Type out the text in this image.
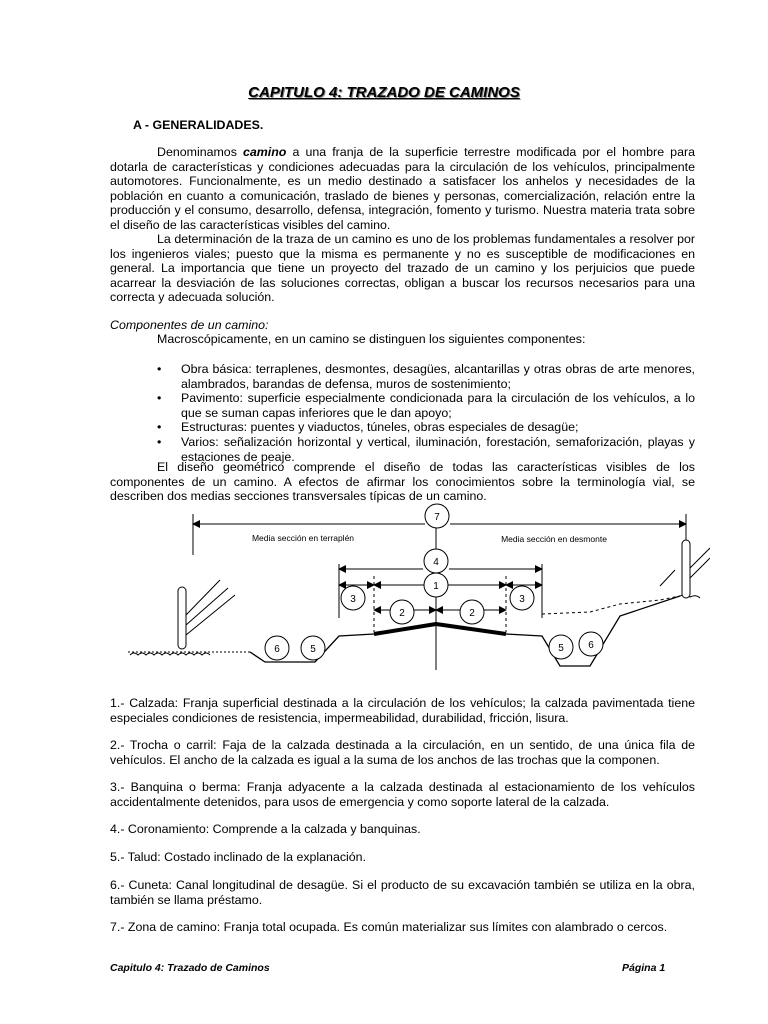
CAPITULO 4: TRAZADO DE CAMINOS
A - GENERALIDADES.
Denominamos camino a una franja de la superficie terrestre modificada por el hombre para dotarla de características y condiciones adecuadas para la circulación de los vehículos, principalmente automotores. Funcionalmente, es un medio destinado a satisfacer los anhelos y necesidades de la población en cuanto a comunicación, traslado de bienes y personas, comercialización, relación entre la producción y el consumo, desarrollo, defensa, integración, fomento y turismo. Nuestra materia trata sobre el diseño de las características visibles del camino.
La determinación de la traza de un camino es uno de los problemas fundamentales a resolver por los ingenieros viales; puesto que la misma es permanente y no es susceptible de modificaciones en general. La importancia que tiene un proyecto del trazado de un camino y los perjuicios que puede acarrear la desviación de las soluciones correctas, obligan a buscar los recursos necesarios para una correcta y adecuada solución.
Componentes de un camino:
Macroscópicamente, en un camino se distinguen los siguientes componentes:
• Obra básica: terraplenes, desmontes, desagües, alcantarillas y otras obras de arte menores, alambrados, barandas de defensa, muros de sostenimiento;
• Pavimento: superficie especialmente condicionada para la circulación de los vehículos, a lo que se suman capas inferiores que le dan apoyo;
• Estructuras: puentes y viaductos, túneles, obras especiales de desagüe;
• Varios: señalización horizontal y vertical, iluminación, forestación, semaforización, playas y estaciones de peaje.
El diseño geométrico comprende el diseño de todas las características visibles de los componentes de un camino. A efectos de afirmar los conocimientos sobre la terminología vial, se describen dos medias secciones transversales típicas de un camino.
7
Media sección en terraplén	Media sección en desmonte
4
1
3	3
2	2
6	5	5 6

1.- Calzada: Franja superficial destinada a la circulación de los vehículos; la calzada pavimentada tiene especiales condiciones de resistencia, impermeabilidad, durabilidad, fricción, lisura.

2.- Trocha o carril: Faja de la calzada destinada a la circulación, en un sentido, de una única fila de vehículos. El ancho de la calzada es igual a la suma de los anchos de las trochas que la componen.

3.- Banquina o berma: Franja adyacente a la calzada destinada al estacionamiento de los vehículos accidentalmente detenidos, para usos de emergencia y como soporte lateral de la calzada.

4.- Coronamiento: Comprende a la calzada y banquinas.

5.- Talud: Costado inclinado de la explanación.

6.- Cuneta: Canal longitudinal de desagüe. Si el producto de su excavación también se utiliza en la obra, también se llama préstamo.

7.- Zona de camino: Franja total ocupada. Es común materializar sus límites con alambrado o cercos.

Capitulo 4: Trazado de Caminos	Página 1
